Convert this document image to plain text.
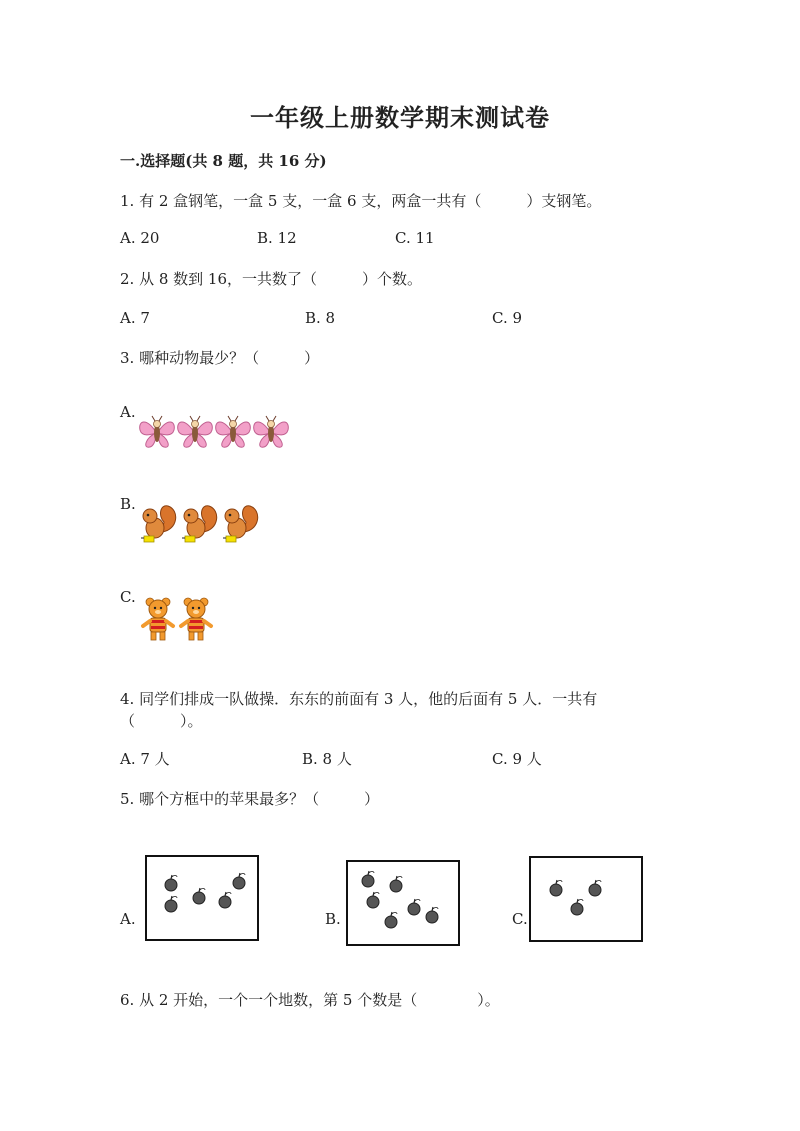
一年级上册数学期末测试卷
一.选择题(共 8 题，共 16 分)
1. 有 2 盒钢笔，一盒 5 支，一盒 6 支，两盒一共有（　　　）支钢笔。
A. 20	B. 12	C. 11
2. 从 8 数到 16，一共数了（　　　）个数。
A. 7	B. 8	C. 9
3. 哪种动物最少？（　　　）
A.
B.
C.
4. 同学们排成一队做操．东东的前面有 3 人，他的后面有 5 人．一共有
（　　　）。
A. 7 人	B. 8 人	C. 9 人
5. 哪个方框中的苹果最多？（　　　）
A.	B.	C.
6. 从 2 开始，一个一个地数，第 5 个数是（　　　　）。
